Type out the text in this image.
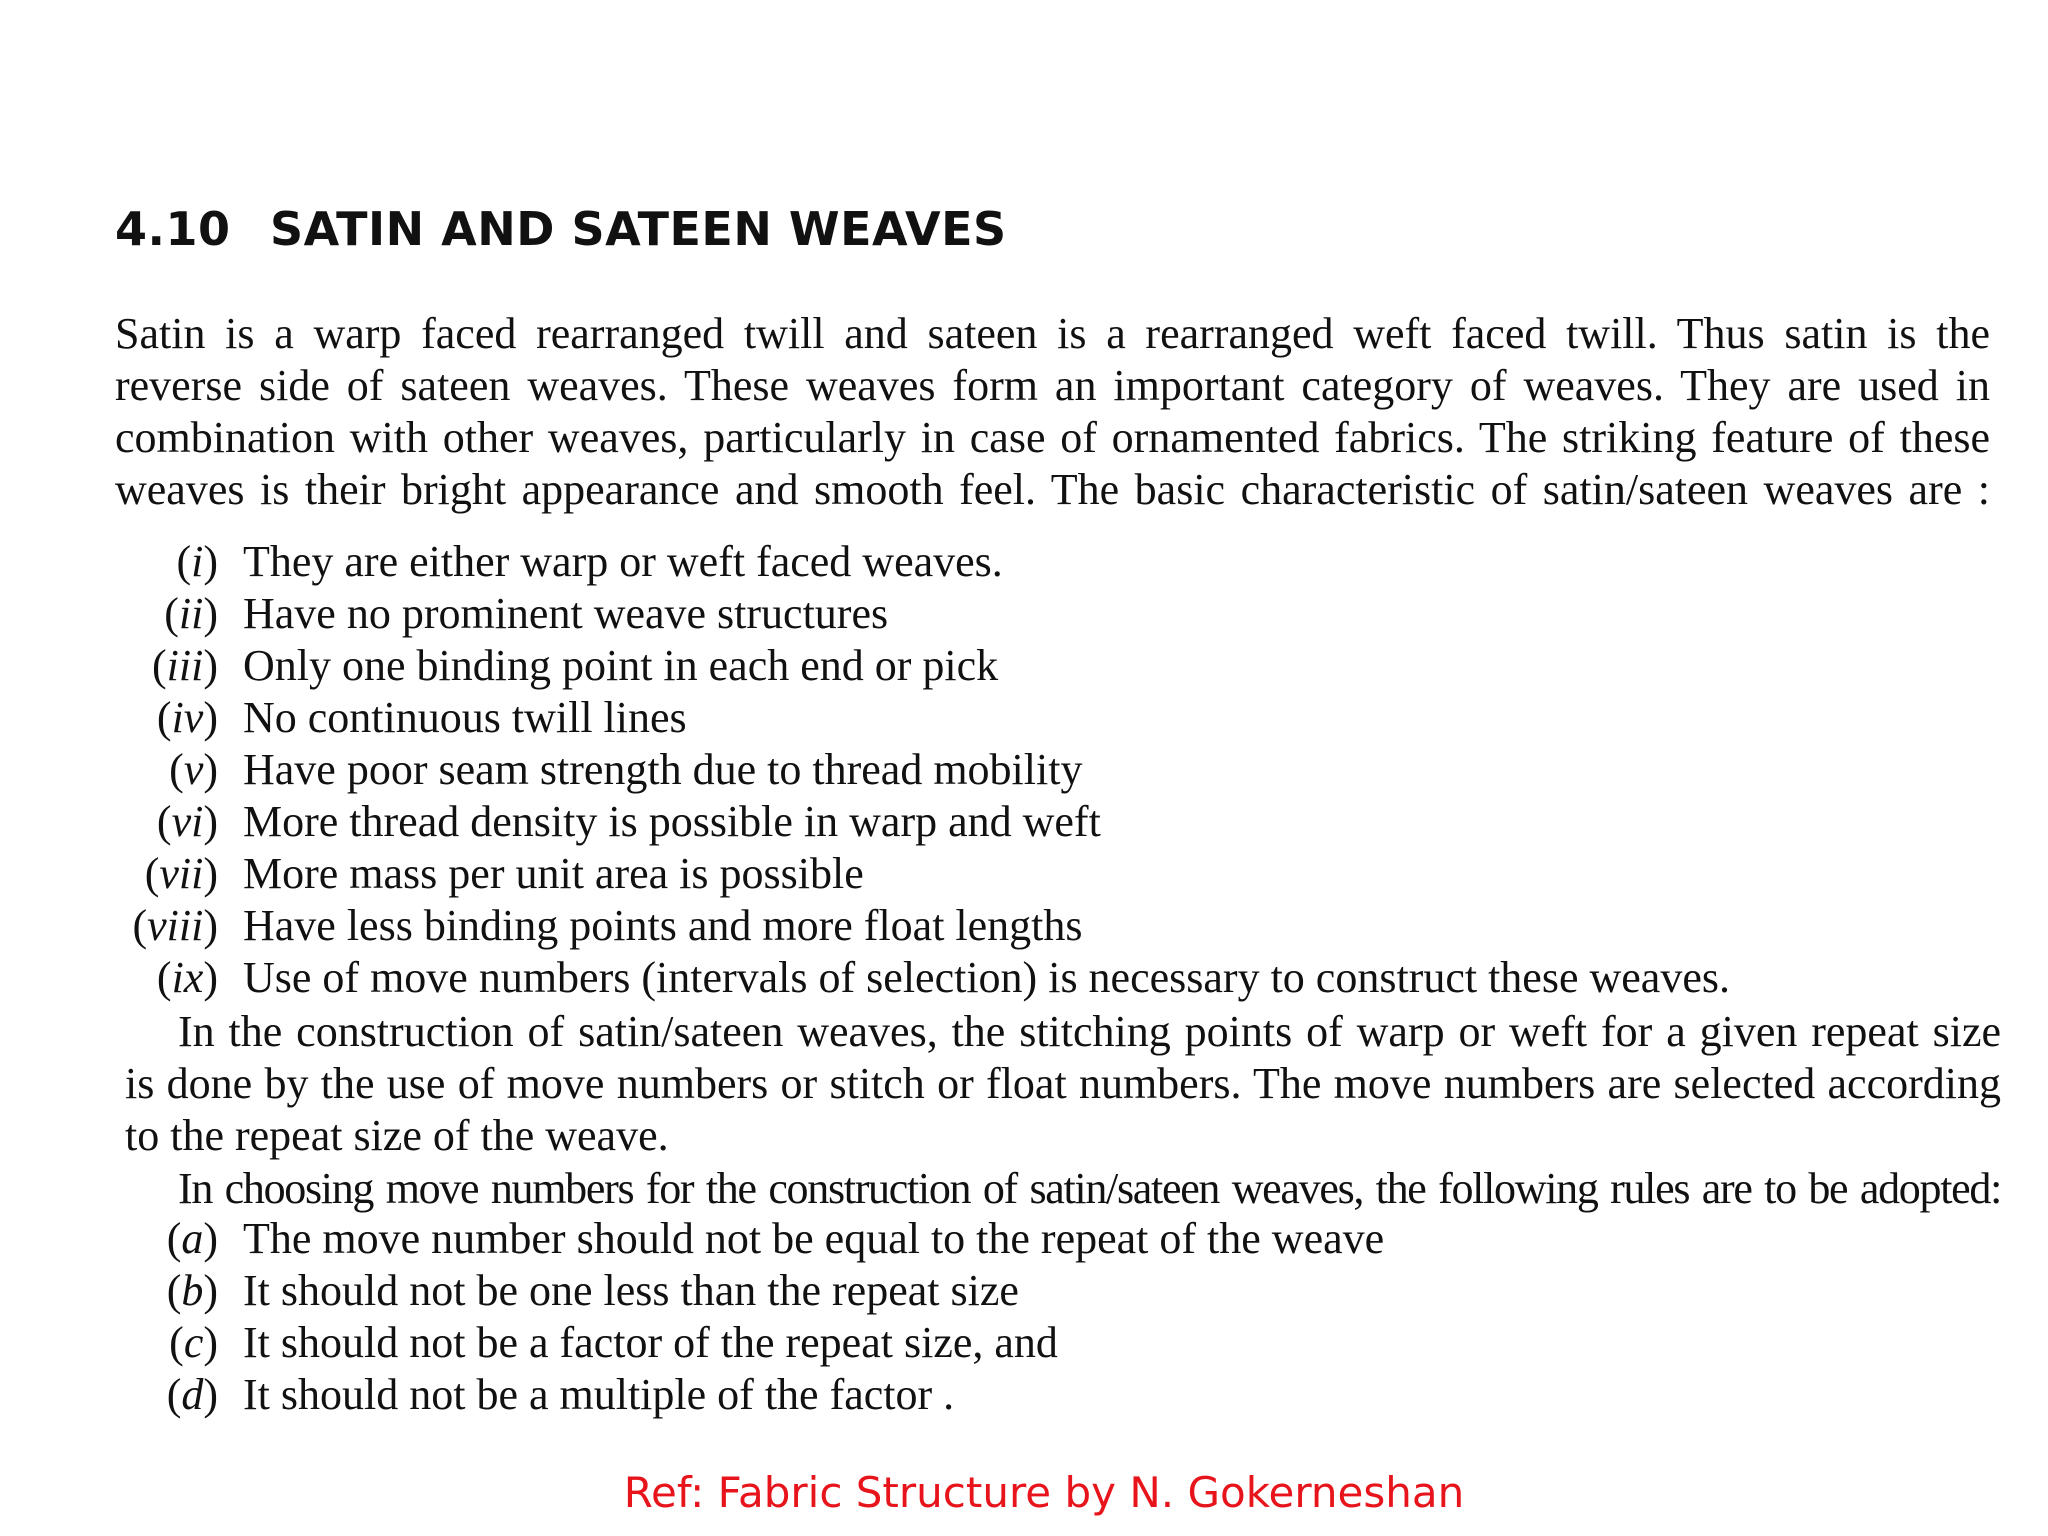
4.10 SATIN AND SATEEN WEAVES

Satin is a warp faced rearranged twill and sateen is a rearranged weft faced twill. Thus satin is the
reverse side of sateen weaves. These weaves form an important category of weaves. They are used in
combination with other weaves, particularly in case of ornamented fabrics. The striking feature of these
weaves is their bright appearance and smooth feel. The basic characteristic of satin/sateen weaves are :

(i) They are either warp or weft faced weaves.
(ii) Have no prominent weave structures
(iii) Only one binding point in each end or pick
(iv) No continuous twill lines
(v) Have poor seam strength due to thread mobility
(vi) More thread density is possible in warp and weft
(vii) More mass per unit area is possible
(viii) Have less binding points and more float lengths
(ix) Use of move numbers (intervals of selection) is necessary to construct these weaves.

In the construction of satin/sateen weaves, the stitching points of warp or weft for a given repeat size
is done by the use of move numbers or stitch or float numbers. The move numbers are selected according
to the repeat size of the weave.

In choosing move numbers for the construction of satin/sateen weaves, the following rules are to be adopted:

(a) The move number should not be equal to the repeat of the weave
(b) It should not be one less than the repeat size
(c) It should not be a factor of the repeat size, and
(d) It should not be a multiple of the factor .

Ref: Fabric Structure by N. Gokerneshan
